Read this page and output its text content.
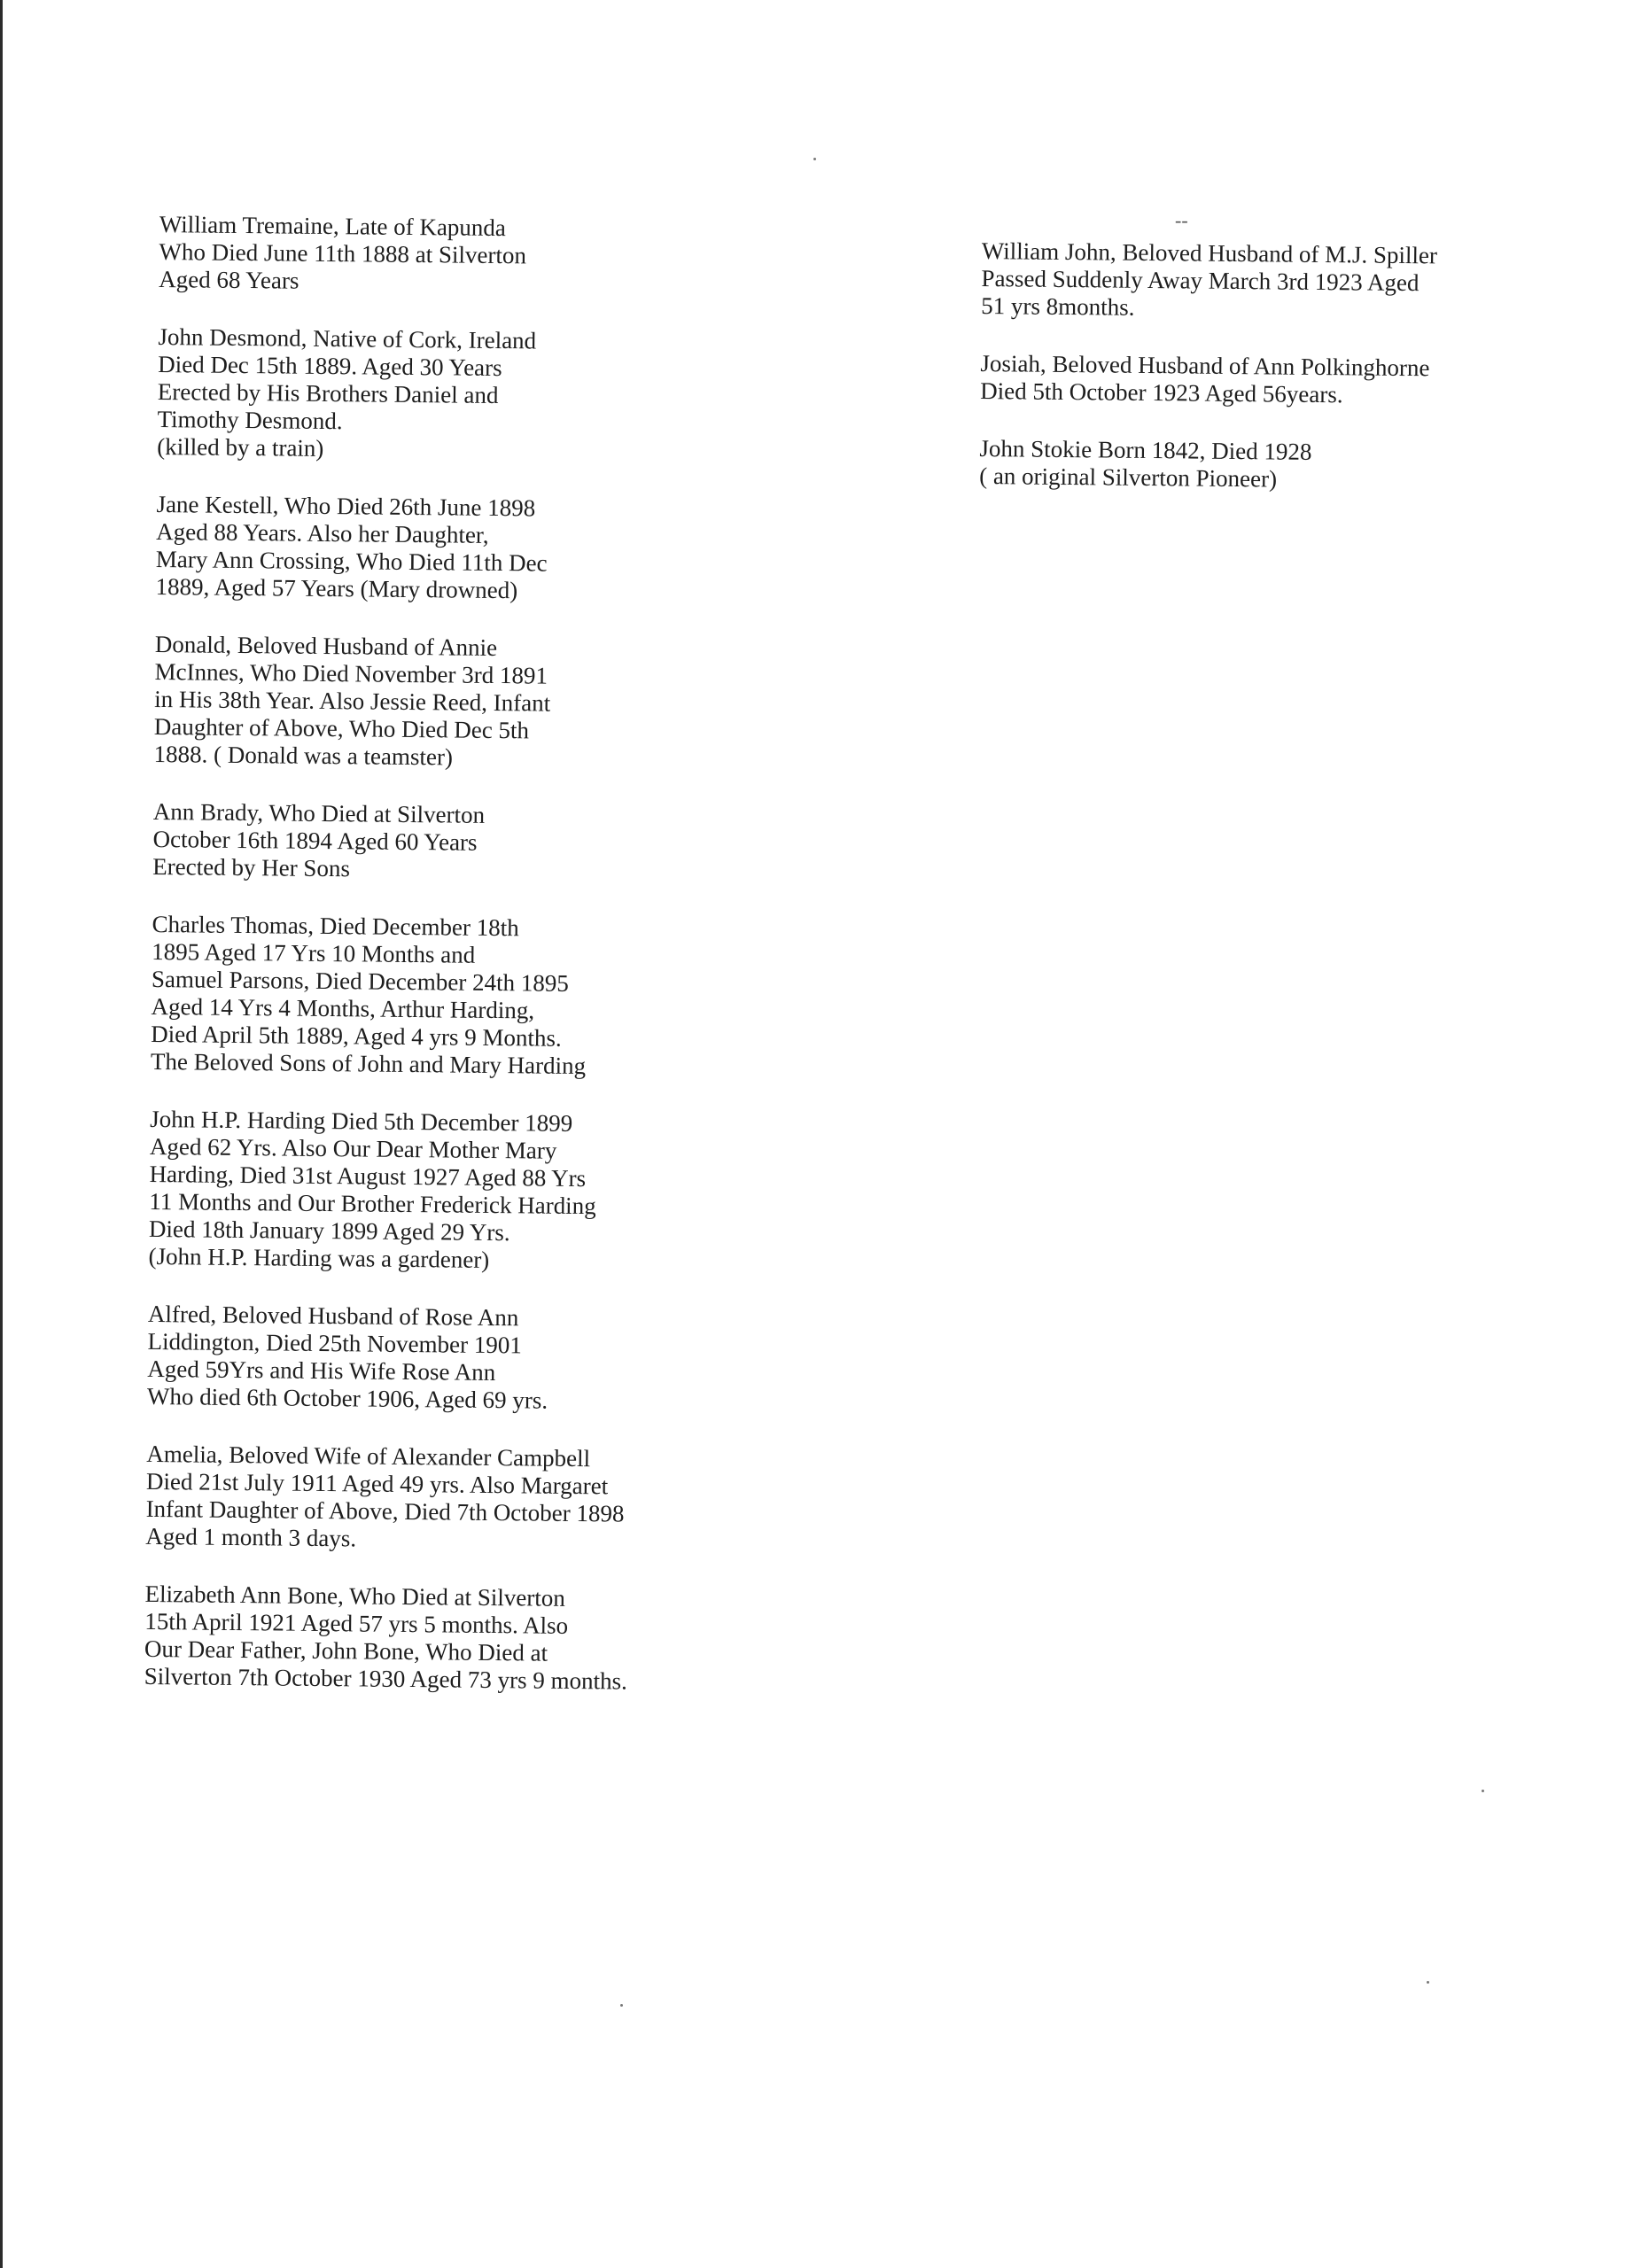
--
William Tremaine, Late of Kapunda
Who Died June 11th 1888 at Silverton
Aged 68 Years
John Desmond, Native of Cork, Ireland
Died Dec 15th 1889. Aged 30 Years
Erected by His Brothers Daniel and
Timothy Desmond.
(killed by a train)
Jane Kestell, Who Died 26th June 1898
Aged 88 Years. Also her Daughter,
Mary Ann Crossing, Who Died 11th Dec
1889, Aged 57 Years (Mary drowned)
Donald, Beloved Husband of Annie
McInnes, Who Died November 3rd 1891
in His 38th Year. Also Jessie Reed, Infant
Daughter of Above, Who Died Dec 5th
1888. ( Donald was a teamster)
Ann Brady, Who Died at Silverton
October 16th 1894 Aged 60 Years
Erected by Her Sons
Charles Thomas, Died December 18th
1895 Aged 17 Yrs 10 Months and
Samuel Parsons, Died December 24th 1895
Aged 14 Yrs 4 Months, Arthur Harding,
Died April 5th 1889, Aged 4 yrs 9 Months.
The Beloved Sons of John and Mary Harding
John H.P. Harding Died 5th December 1899
Aged 62 Yrs. Also Our Dear Mother Mary
Harding, Died 31st August 1927 Aged 88 Yrs
11 Months and Our Brother Frederick Harding
Died 18th January 1899 Aged 29 Yrs.
(John H.P. Harding was a gardener)
Alfred, Beloved Husband of Rose Ann
Liddington, Died 25th November 1901
Aged 59Yrs and His Wife Rose Ann
Who died 6th October 1906, Aged 69 yrs.
Amelia, Beloved Wife of Alexander Campbell
Died 21st July 1911 Aged 49 yrs. Also Margaret
Infant Daughter of Above, Died 7th October 1898
Aged 1 month 3 days.
Elizabeth Ann Bone, Who Died at Silverton
15th April 1921 Aged 57 yrs 5 months. Also
Our Dear Father, John Bone, Who Died at
Silverton 7th October 1930 Aged 73 yrs 9 months.
William John, Beloved Husband of M.J. Spiller
Passed Suddenly Away March 3rd 1923 Aged
51 yrs 8months.
Josiah, Beloved Husband of Ann Polkinghorne
Died 5th October 1923 Aged 56years.
John Stokie Born 1842, Died 1928
( an original Silverton Pioneer)
